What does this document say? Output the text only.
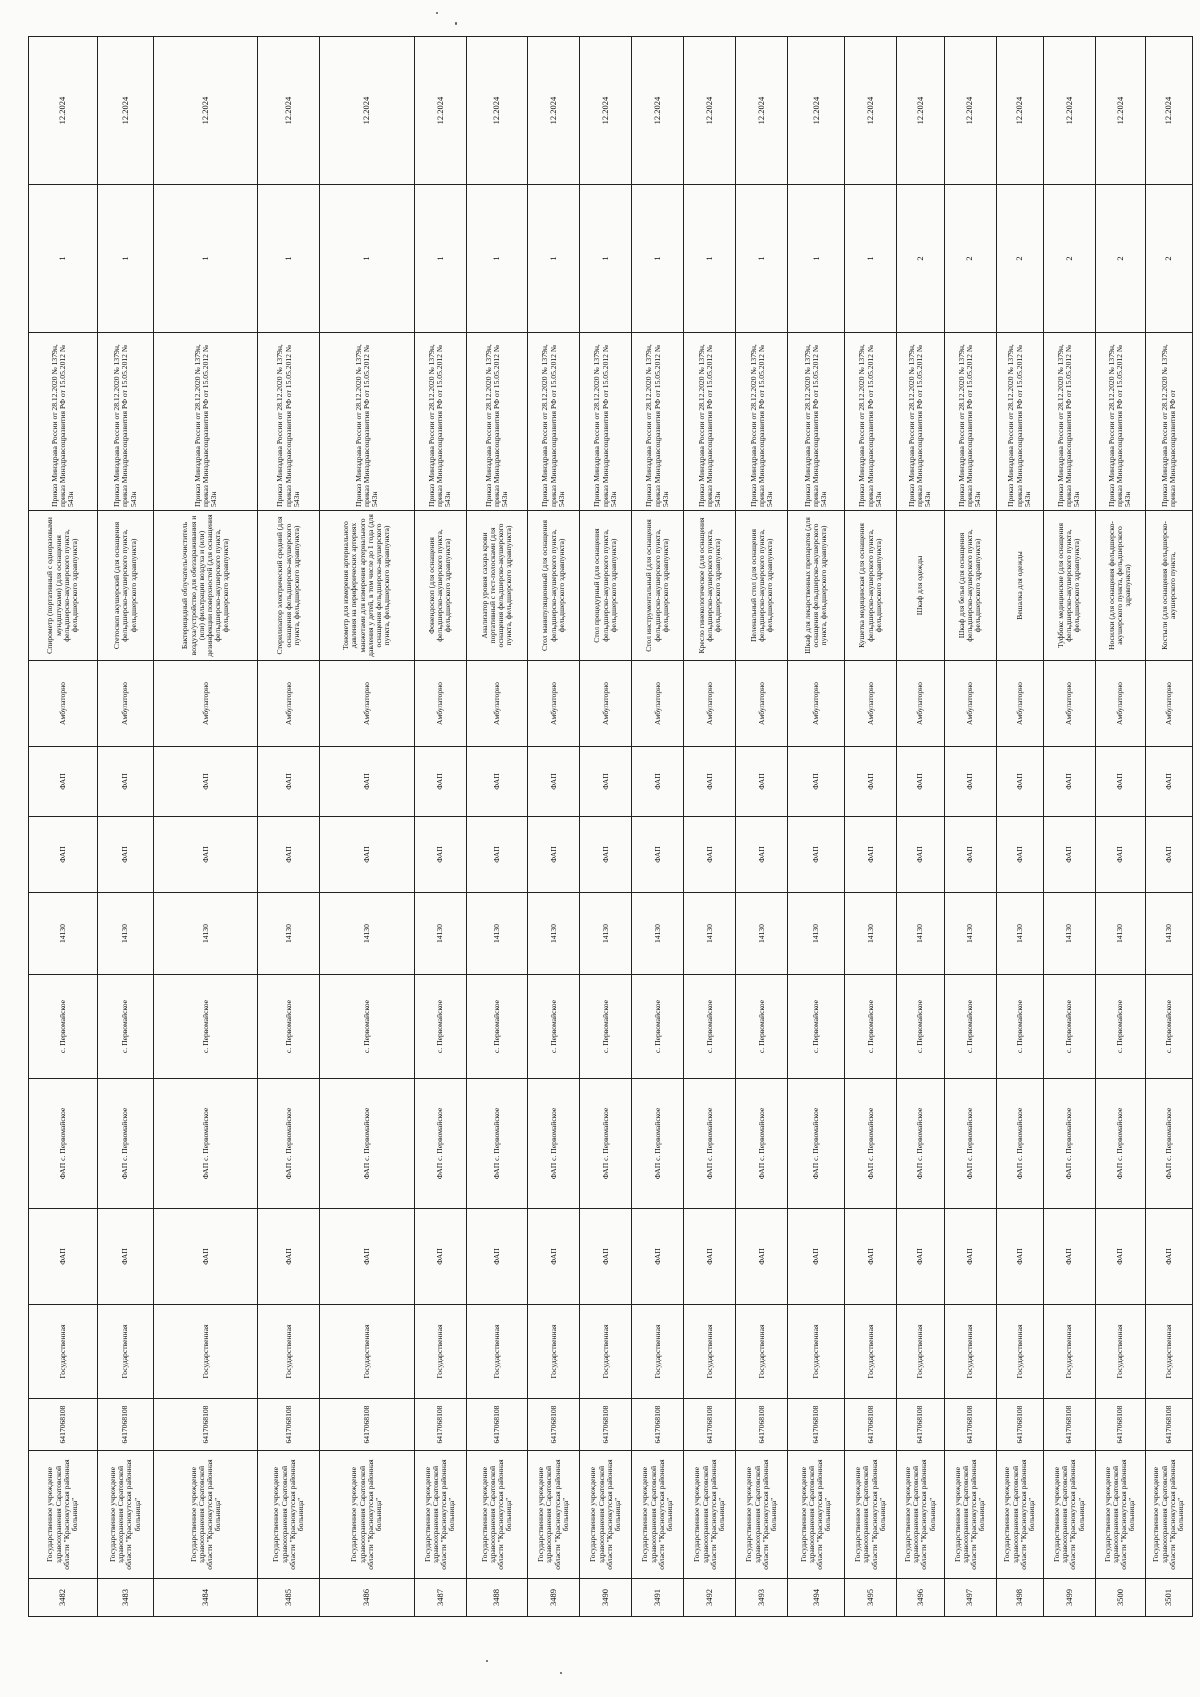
3482	Государственное учреждение здравоохранения Саратовской области "Краснокутская районная больница"	6417068108	Государственная	ФАП	ФАП с. Первомайское	с. Первомайское	14130	ФАП	ФАП	Амбулаторно	Спирометр (портативный с одноразовыми мундштуками) (для оснащения фельдшерско-акушерского пункта, фельдшерского здравпункта)	Приказ Минздрава России от 28.12.2020 № 1379н, приказ Минздравсоцразвития РФ от 15.05.2012 № 543н	1	12.2024
3483	Государственное учреждение здравоохранения Саратовской области "Краснокутская районная больница"	6417068108	Государственная	ФАП	ФАП с. Первомайское	с. Первомайское	14130	ФАП	ФАП	Амбулаторно	Стетоскоп акушерский (для оснащения фельдшерско-акушерского пункта, фельдшерского здравпункта)	Приказ Минздрава России от 28.12.2020 № 1379н, приказ Минздравсоцразвития РФ от 15.05.2012 № 543н	1	12.2024
3484	Государственное учреждение здравоохранения Саратовской области "Краснокутская районная больница"	6417068108	Государственная	ФАП	ФАП с. Первомайское	с. Первомайское	14130	ФАП	ФАП	Амбулаторно	Бактерицидный облучатель/очиститель воздуха/устройство для обеззараживания и (или) фильтрации воздуха и (или) дезинфекции поверхностей (для оснащения фельдшерско-акушерского пункта, фельдшерского здравпункта)	Приказ Минздрава России от 28.12.2020 № 1379н, приказ Минздравсоцразвития РФ от 15.05.2012 № 543н	1	12.2024
3485	Государственное учреждение здравоохранения Саратовской области "Краснокутская районная больница"	6417068108	Государственная	ФАП	ФАП с. Первомайское	с. Первомайское	14130	ФАП	ФАП	Амбулаторно	Стерилизатор электрический средний (для оснащения фельдшерско-акушерского пункта, фельдшерского здравпункта)	Приказ Минздрава России от 28.12.2020 № 1379н, приказ Минздравсоцразвития РФ от 15.05.2012 № 543н	1	12.2024
3486	Государственное учреждение здравоохранения Саратовской области "Краснокутская районная больница"	6417068108	Государственная	ФАП	ФАП с. Первомайское	с. Первомайское	14130	ФАП	ФАП	Амбулаторно	Тонометр для измерения артериального давления на периферических артериях манжетами для измерения артериального давления у детей, в том числе до 1 года (для оснащения фельдшерско-акушерского пункта, фельдшерского здравпункта)	Приказ Минздрава России от 28.12.2020 № 1379н, приказ Минздравсоцразвития РФ от 15.05.2012 № 543н	1	12.2024
3487	Государственное учреждение здравоохранения Саратовской области "Краснокутская районная больница"	6417068108	Государственная	ФАП	ФАП с. Первомайское	с. Первомайское	14130	ФАП	ФАП	Амбулаторно	Фонендоскоп (для оснащения фельдшерско-акушерского пункта, фельдшерского здравпункта)	Приказ Минздрава России от 28.12.2020 № 1379н, приказ Минздравсоцразвития РФ от 15.05.2012 № 543н	1	12.2024
3488	Государственное учреждение здравоохранения Саратовской области "Краснокутская районная больница"	6417068108	Государственная	ФАП	ФАП с. Первомайское	с. Первомайское	14130	ФАП	ФАП	Амбулаторно	Анализатор уровня сахара крови портативный с тест-полосками (для оснащения фельдшерско-акушерского пункта, фельдшерского здравпункта)	Приказ Минздрава России от 28.12.2020 № 1379н, приказ Минздравсоцразвития РФ от 15.05.2012 № 543н	1	12.2024
3489	Государственное учреждение здравоохранения Саратовской области "Краснокутская районная больница"	6417068108	Государственная	ФАП	ФАП с. Первомайское	с. Первомайское	14130	ФАП	ФАП	Амбулаторно	Стол манипуляционный (для оснащения фельдшерско-акушерского пункта, фельдшерского здравпункта)	Приказ Минздрава России от 28.12.2020 № 1379н, приказ Минздравсоцразвития РФ от 15.05.2012 № 543н	1	12.2024
3490	Государственное учреждение здравоохранения Саратовской области "Краснокутская районная больница"	6417068108	Государственная	ФАП	ФАП с. Первомайское	с. Первомайское	14130	ФАП	ФАП	Амбулаторно	Стол процедурный (для оснащения фельдшерско-акушерского пункта, фельдшерского здравпункта)	Приказ Минздрава России от 28.12.2020 № 1379н, приказ Минздравсоцразвития РФ от 15.05.2012 № 543н	1	12.2024
3491	Государственное учреждение здравоохранения Саратовской области "Краснокутская районная больница"	6417068108	Государственная	ФАП	ФАП с. Первомайское	с. Первомайское	14130	ФАП	ФАП	Амбулаторно	Стол инструментальный (для оснащения фельдшерско-акушерского пункта, фельдшерского здравпункта)	Приказ Минздрава России от 28.12.2020 № 1379н, приказ Минздравсоцразвития РФ от 15.05.2012 № 543н	1	12.2024
3492	Государственное учреждение здравоохранения Саратовской области "Краснокутская районная больница"	6417068108	Государственная	ФАП	ФАП с. Первомайское	с. Первомайское	14130	ФАП	ФАП	Амбулаторно	Кресло гинекологическое (для оснащения фельдшерско-акушерского пункта, фельдшерского здравпункта)	Приказ Минздрава России от 28.12.2020 № 1379н, приказ Минздравсоцразвития РФ от 15.05.2012 № 543н	1	12.2024
3493	Государственное учреждение здравоохранения Саратовской области "Краснокутская районная больница"	6417068108	Государственная	ФАП	ФАП с. Первомайское	с. Первомайское	14130	ФАП	ФАП	Амбулаторно	Пеленальный стол (для оснащения фельдшерско-акушерского пункта, фельдшерского здравпункта)	Приказ Минздрава России от 28.12.2020 № 1379н, приказ Минздравсоцразвития РФ от 15.05.2012 № 543н	1	12.2024
3494	Государственное учреждение здравоохранения Саратовской области "Краснокутская районная больница"	6417068108	Государственная	ФАП	ФАП с. Первомайское	с. Первомайское	14130	ФАП	ФАП	Амбулаторно	Шкаф для лекарственных препаратов (для оснащения фельдшерско-акушерского пункта, фельдшерского здравпункта)	Приказ Минздрава России от 28.12.2020 № 1379н, приказ Минздравсоцразвития РФ от 15.05.2012 № 543н	1	12.2024
3495	Государственное учреждение здравоохранения Саратовской области "Краснокутская районная больница"	6417068108	Государственная	ФАП	ФАП с. Первомайское	с. Первомайское	14130	ФАП	ФАП	Амбулаторно	Кушетка медицинская (для оснащения фельдшерско-акушерского пункта, фельдшерского здравпункта)	Приказ Минздрава России от 28.12.2020 № 1379н, приказ Минздравсоцразвития РФ от 15.05.2012 № 543н	1	12.2024
3496	Государственное учреждение здравоохранения Саратовской области "Краснокутская районная больница"	6417068108	Государственная	ФАП	ФАП с. Первомайское	с. Первомайское	14130	ФАП	ФАП	Амбулаторно	Шкаф для одежды	Приказ Минздрава России от 28.12.2020 № 1379н, приказ Минздравсоцразвития РФ от 15.05.2012 № 543н	2	12.2024
3497	Государственное учреждение здравоохранения Саратовской области "Краснокутская районная больница"	6417068108	Государственная	ФАП	ФАП с. Первомайское	с. Первомайское	14130	ФАП	ФАП	Амбулаторно	Шкаф для белья (для оснащения фельдшерско-акушерского пункта, фельдшерского здравпункта)	Приказ Минздрава России от 28.12.2020 № 1379н, приказ Минздравсоцразвития РФ от 15.05.2012 № 543н	2	12.2024
3498	Государственное учреждение здравоохранения Саратовской области "Краснокутская районная больница"	6417068108	Государственная	ФАП	ФАП с. Первомайское	с. Первомайское	14130	ФАП	ФАП	Амбулаторно	Вешалка для одежды	Приказ Минздрава России от 28.12.2020 № 1379н, приказ Минздравсоцразвития РФ от 15.05.2012 № 543н	2	12.2024
3499	Государственное учреждение здравоохранения Саратовской области "Краснокутская районная больница"	6417068108	Государственная	ФАП	ФАП с. Первомайское	с. Первомайское	14130	ФАП	ФАП	Амбулаторно	Туфбокс медицинские (для оснащения фельдшерско-акушерского пункта, фельдшерского здравпункта)	Приказ Минздрава России от 28.12.2020 № 1379н, приказ Минздравсоцразвития РФ от 15.05.2012 № 543н	2	12.2024
3500	Государственное учреждение здравоохранения Саратовской области "Краснокутская районная больница"	6417068108	Государственная	ФАП	ФАП с. Первомайское	с. Первомайское	14130	ФАП	ФАП	Амбулаторно	Носилки (для оснащения фельдшерско-акушерского пункта, фельдшерского здравпункта)	Приказ Минздрава России от 28.12.2020 № 1379н, приказ Минздравсоцразвития РФ от 15.05.2012 № 543н	2	12.2024
3501	Государственное учреждение здравоохранения Саратовской области "Краснокутская районная больница"	6417068108	Государственная	ФАП	ФАП с. Первомайское	с. Первомайское	14130	ФАП	ФАП	Амбулаторно	Костыли (для оснащения фельдшерско-акушерского пункта,	Приказ Минздрава России от 28.12.2020 № 1379н, приказ Минздравсоцразвития РФ от	2	12.2024
